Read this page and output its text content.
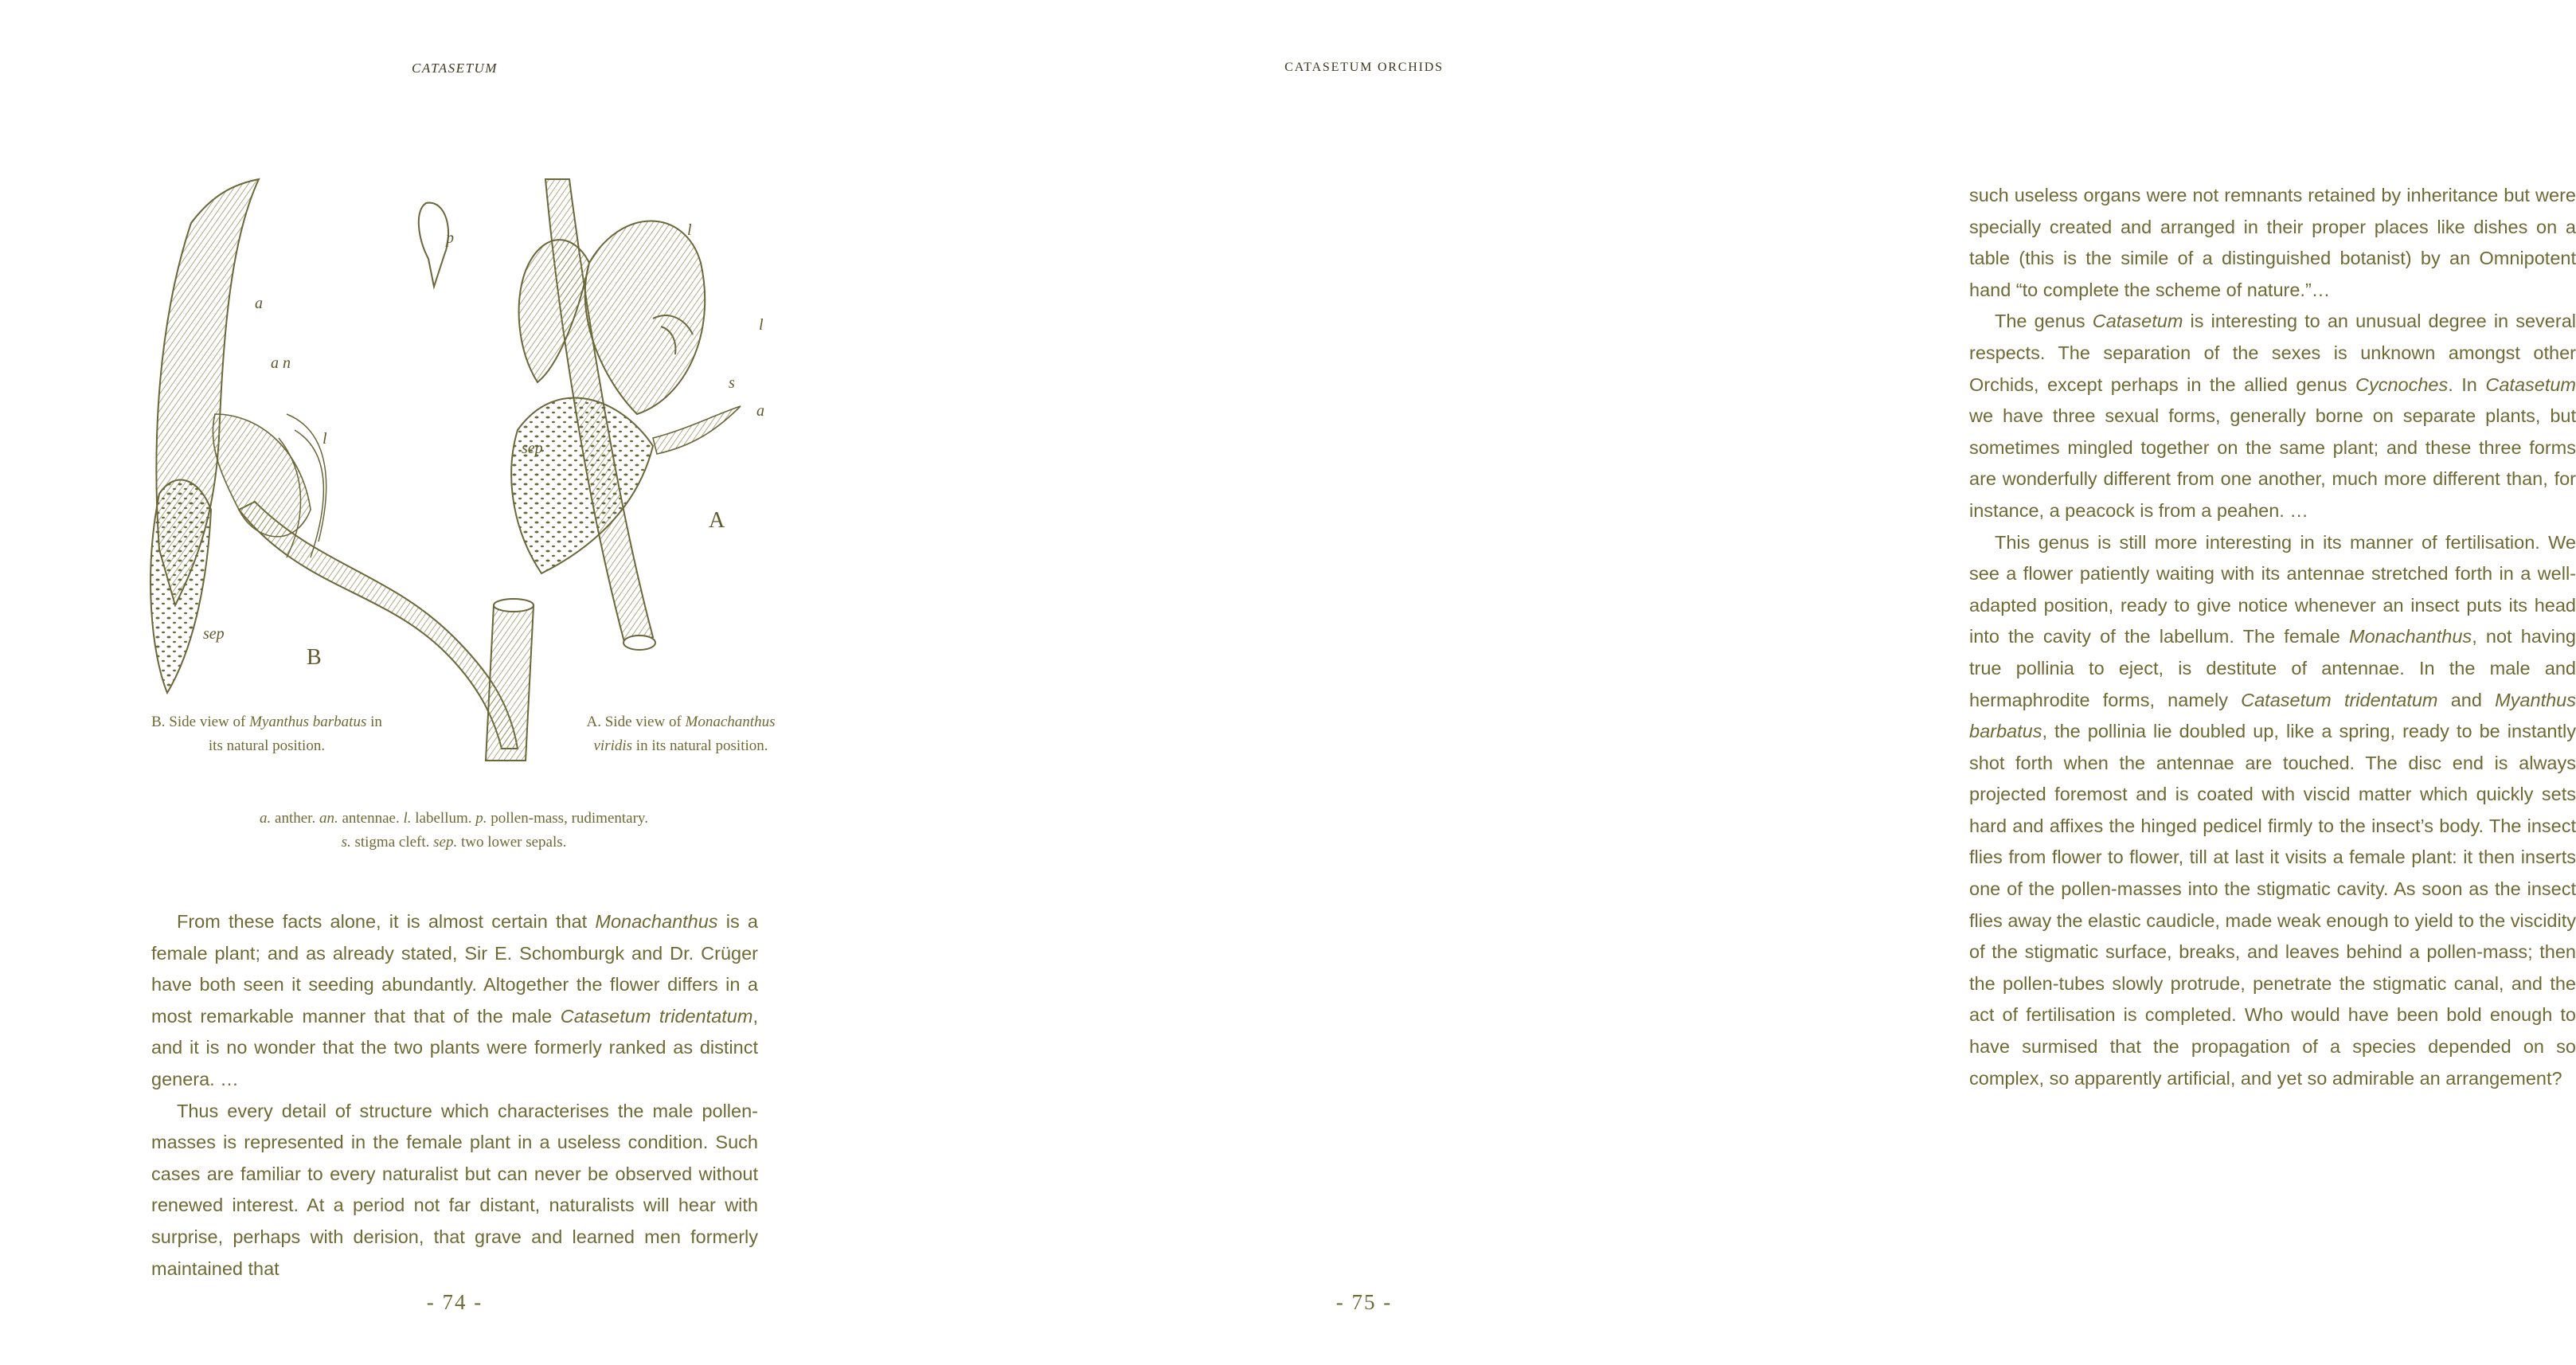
CATASETUM
A
B
a
a n
l
sep
p	l
l
s
a
sep
B. Side view of Myanthus barbatus in its natural position.
A. Side view of Monachanthus viridis in its natural position.
a. anther. an. antennae. l. labellum. p. pollen-mass, rudimentary.
s. stigma cleft. sep. two lower sepals.

From these facts alone, it is almost certain that Monachanthus is a female plant; and as already stated, Sir E. Schomburgk and Dr. Crüger have both seen it seeding abundantly. Altogether the flower differs in a most remarkable manner that that of the male Catasetum tridentatum, and it is no wonder that the two plants were formerly ranked as distinct genera. …

Thus every detail of structure which characterises the male pollen-masses is represented in the female plant in a useless condition. Such cases are familiar to every naturalist but can never be observed without renewed interest. At a period not far distant, naturalists will hear with surprise, perhaps with derision, that grave and learned men formerly maintained that

- 74 -
CATASETUM ORCHIDS

such useless organs were not remnants retained by inheritance but were specially created and arranged in their proper places like dishes on a table (this is the simile of a distinguished botanist) by an Omnipotent hand “to complete the scheme of nature.”…

The genus Catasetum is interesting to an unusual degree in several respects. The separation of the sexes is unknown amongst other Orchids, except perhaps in the allied genus Cycnoches. In Catasetum we have three sexual forms, generally borne on separate plants, but sometimes mingled together on the same plant; and these three forms are wonderfully different from one another, much more different than, for instance, a peacock is from a peahen. …

This genus is still more interesting in its manner of fertilisation. We see a flower patiently waiting with its antennae stretched forth in a well-adapted position, ready to give notice whenever an insect puts its head into the cavity of the labellum. The female Monachanthus, not having true pollinia to eject, is destitute of antennae. In the male and hermaphrodite forms, namely Catasetum tridentatum and Myanthus barbatus, the pollinia lie doubled up, like a spring, ready to be instantly shot forth when the antennae are touched. The disc end is always projected foremost and is coated with viscid matter which quickly sets hard and affixes the hinged pedicel firmly to the insect’s body. The insect flies from flower to flower, till at last it visits a female plant: it then inserts one of the pollen-masses into the stigmatic cavity. As soon as the insect flies away the elastic caudicle, made weak enough to yield to the viscidity of the stigmatic surface, breaks, and leaves behind a pollen-mass; then the pollen-tubes slowly protrude, penetrate the stigmatic canal, and the act of fertilisation is completed. Who would have been bold enough to have surmised that the propagation of a species depended on so complex, so apparently artificial, and yet so admirable an arrangement?

- 75 -
